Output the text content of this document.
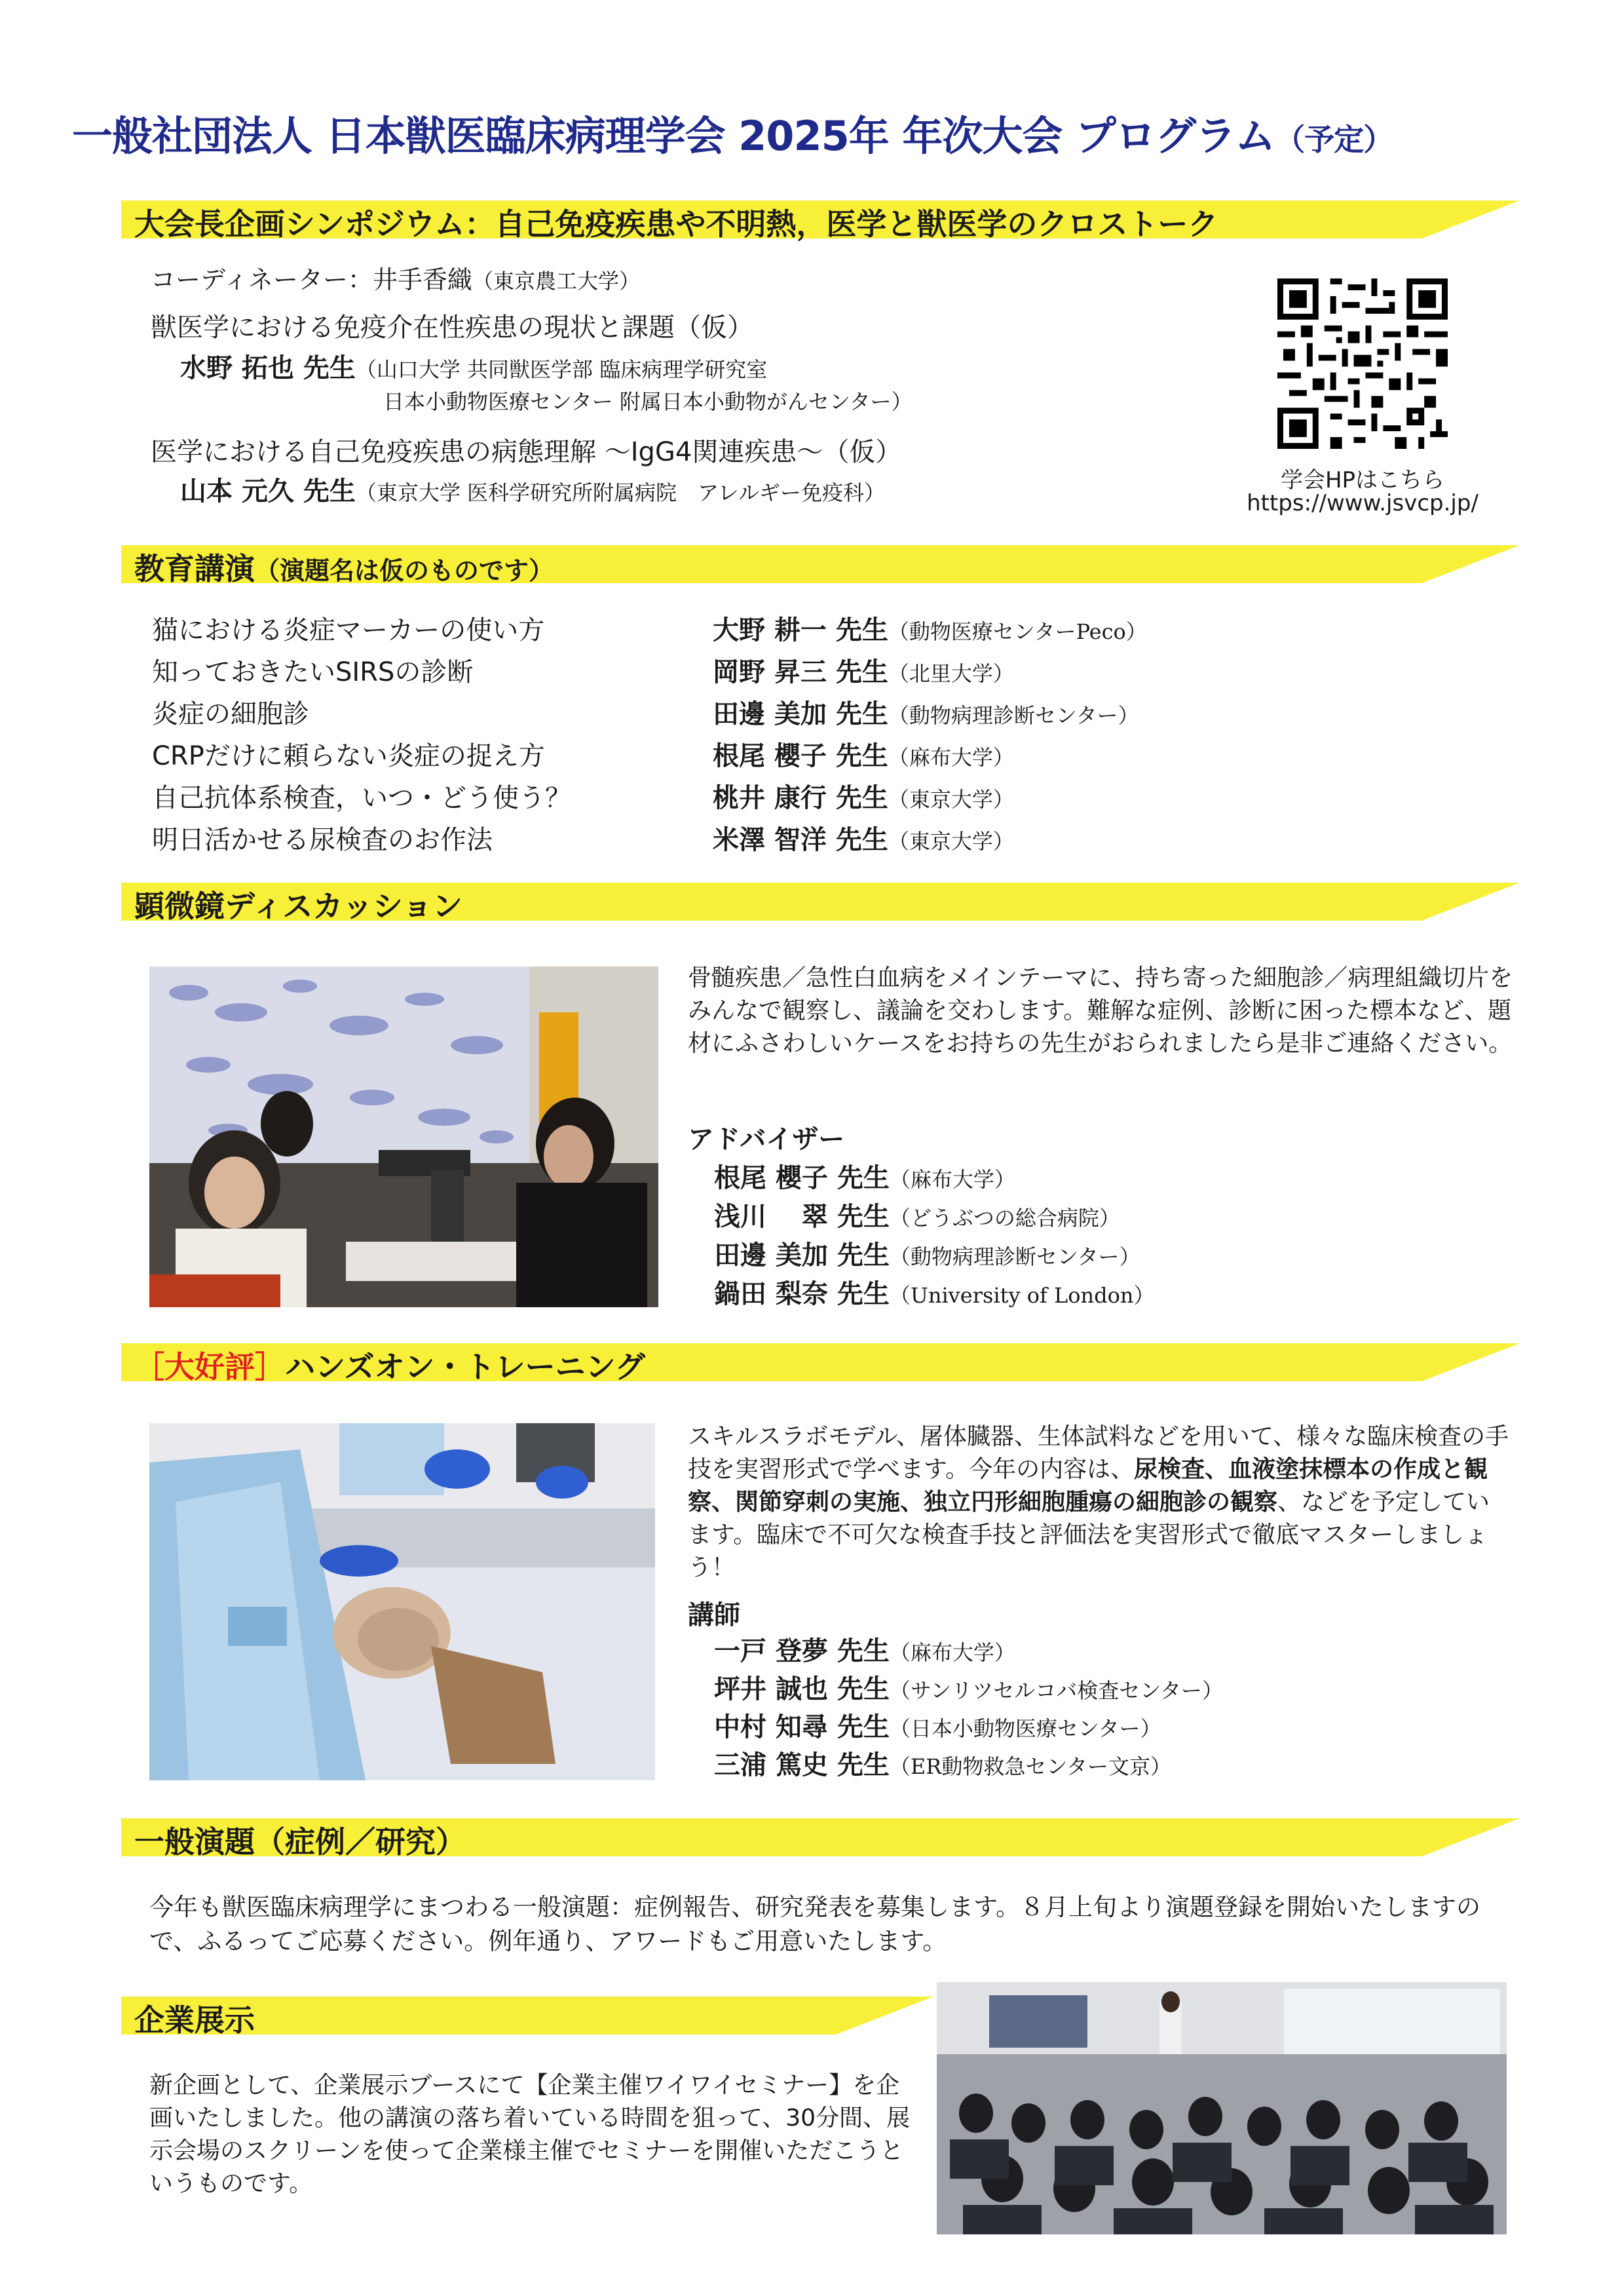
一般社団法人 日本獣医臨床病理学会 2025年 年次大会 プログラム（予定）
大会長企画シンポジウム：自己免疫疾患や不明熱，医学と獣医学のクロストーク
コーディネーター：井手香織（東京農工大学）
獣医学における免疫介在性疾患の現状と課題（仮）
水野 拓也 先生（山口大学 共同獣医学部 臨床病理学研究室
日本小動物医療センター 附属日本小動物がんセンター）
医学における自己免疫疾患の病態理解 〜IgG4関連疾患〜（仮）
山本 元久 先生（東京大学 医科学研究所附属病院　アレルギー免疫科）	学会HPはこちら
https://www.jsvcp.jp/
教育講演（演題名は仮のものです）
猫における炎症マーカーの使い方	大野 耕一 先生（動物医療センターPeco）
知っておきたいSIRSの診断	岡野 昇三 先生（北里大学）
炎症の細胞診	田邊 美加 先生（動物病理診断センター）
CRPだけに頼らない炎症の捉え方	根尾 櫻子 先生（麻布大学）
自己抗体系検査，いつ・どう使う？	桃井 康行 先生（東京大学）
明日活かせる尿検査のお作法	米澤 智洋 先生（東京大学）
顕微鏡ディスカッション
骨髄疾患／急性白血病をメインテーマに、持ち寄った細胞診／病理組織切片をみんなで観察し、議論を交わします。難解な症例、診断に困った標本など、題材にふさわしいケースをお持ちの先生がおられましたら是非ご連絡ください。
アドバイザー
根尾 櫻子 先生（麻布大学）
浅川　 翠 先生（どうぶつの総合病院）
田邊 美加 先生（動物病理診断センター）
鍋田 梨奈 先生（University of London）
［大好評］ハンズオン・トレーニング
スキルスラボモデル、屠体臓器、生体試料などを用いて、様々な臨床検査の手技を実習形式で学べます。今年の内容は、尿検査、血液塗抹標本の作成と観察、関節穿刺の実施、独立円形細胞腫瘍の細胞診の観察、などを予定しています。臨床で不可欠な検査手技と評価法を実習形式で徹底マスターしましょう！
講師
一戸 登夢 先生（麻布大学）
坪井 誠也 先生（サンリツセルコバ検査センター）
中村 知尋 先生（日本小動物医療センター）
三浦 篤史 先生（ER動物救急センター文京）
一般演題（症例／研究）
今年も獣医臨床病理学にまつわる一般演題：症例報告、研究発表を募集します。８月上旬より演題登録を開始いたしますので、ふるってご応募ください。例年通り、アワードもご用意いたします。
企業展示
新企画として、企業展示ブースにて【企業主催ワイワイセミナー】を企画いたしました。他の講演の落ち着いている時間を狙って、30分間、展示会場のスクリーンを使って企業様主催でセミナーを開催いただこうというものです。
